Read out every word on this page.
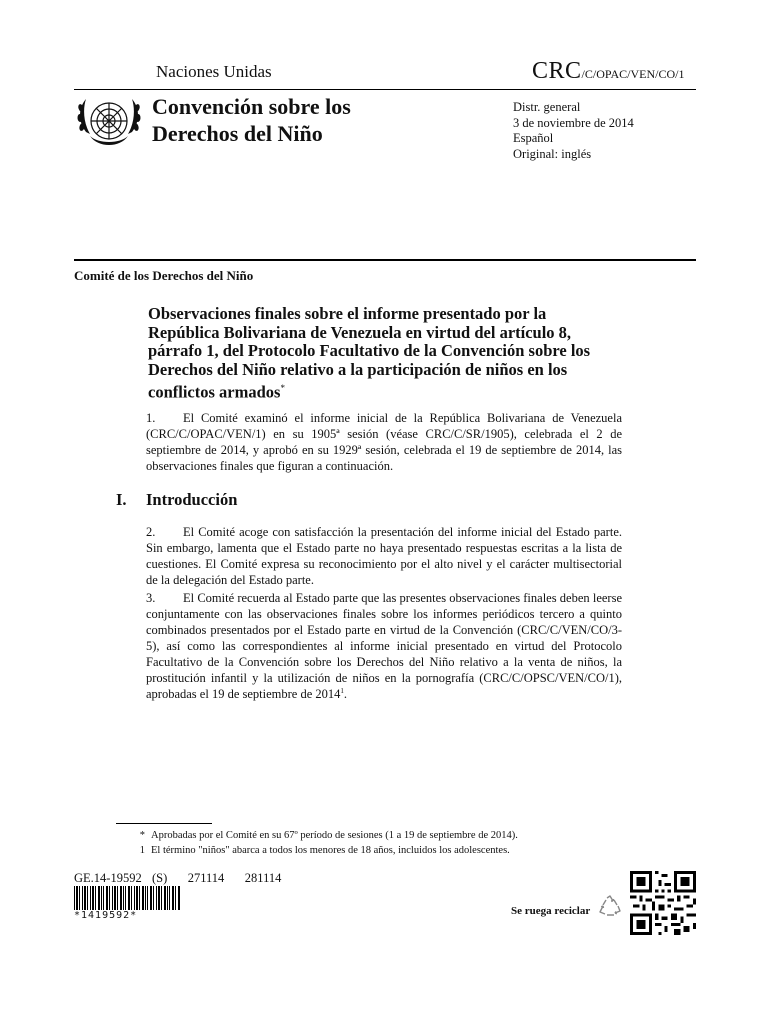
Naciones Unidas	CRC/C/OPAC/VEN/CO/1
Convención sobre los
Derechos del Niño
Distr. general
3 de noviembre de 2014
Español
Original: inglés
Comité de los Derechos del Niño
Observaciones finales sobre el informe presentado por la República Bolivariana de Venezuela en virtud del artículo 8, párrafo 1, del Protocolo Facultativo de la Convención sobre los Derechos del Niño relativo a la participación de niños en los conflictos armados*

1. El Comité examinó el informe inicial de la República Bolivariana de Venezuela (CRC/C/OPAC/VEN/1) en su 1905ª sesión (véase CRC/C/SR/1905), celebrada el 2 de septiembre de 2014, y aprobó en su 1929ª sesión, celebrada el 19 de septiembre de 2014, las observaciones finales que figuran a continuación.

I. Introducción

2. El Comité acoge con satisfacción la presentación del informe inicial del Estado parte. Sin embargo, lamenta que el Estado parte no haya presentado respuestas escritas a la lista de cuestiones. El Comité expresa su reconocimiento por el alto nivel y el carácter multisectorial de la delegación del Estado parte.

3. El Comité recuerda al Estado parte que las presentes observaciones finales deben leerse conjuntamente con las observaciones finales sobre los informes periódicos tercero a quinto combinados presentados por el Estado parte en virtud de la Convención (CRC/C/VEN/CO/3-5), así como las correspondientes al informe inicial presentado en virtud del Protocolo Facultativo de la Convención sobre los Derechos del Niño relativo a la venta de niños, la prostitución infantil y la utilización de niños en la pornografía (CRC/C/OPSC/VEN/CO/1), aprobadas el 19 de septiembre de 2014$^1$.

* Aprobadas por el Comité en su 67º período de sesiones (1 a 19 de septiembre de 2014).
1 El término "niños" abarca a todos los menores de 18 años, incluidos los adolescentes.
GE.14-19592  (S)    271114    281114
*1419592*	Se ruega reciclar
